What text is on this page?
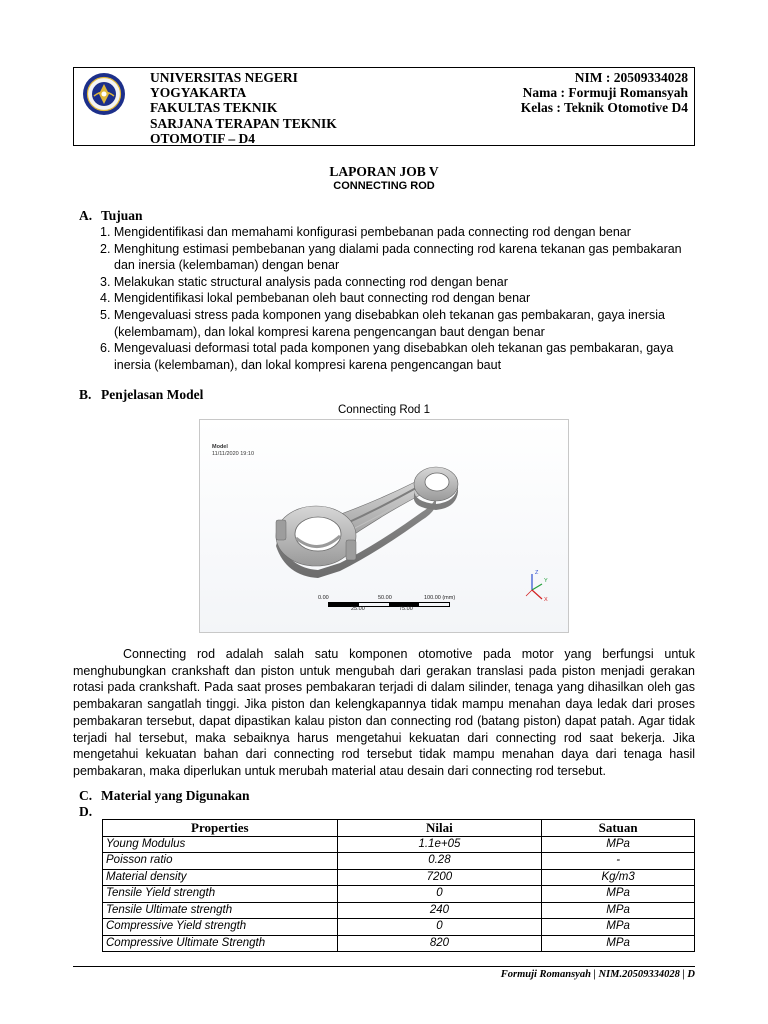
UNIVERSITAS NEGERI
YOGYAKARTA
FAKULTAS TEKNIK
SARJANA TERAPAN TEKNIK
OTOMOTIF – D4
NIM : 20509334028
Nama : Formuji Romansyah
Kelas : Teknik Otomotive D4
LAPORAN JOB V
CONNECTING ROD
A. Tujuan
1. Mengidentifikasi dan memahami konfigurasi pembebanan pada connecting rod dengan benar
2. Menghitung estimasi pembebanan yang dialami pada connecting rod karena tekanan gas pembakaran dan inersia (kelembaman) dengan benar
3. Melakukan static structural analysis pada connecting rod dengan benar
4. Mengidentifikasi lokal pembebanan oleh baut connecting rod dengan benar
5. Mengevaluasi stress pada komponen yang disebabkan oleh tekanan gas pembakaran, gaya inersia (kelembamam), dan lokal kompresi karena pengencangan baut dengan benar
6. Mengevaluasi deformasi total pada komponen yang disebabkan oleh tekanan gas pembakaran, gaya inersia (kelembaman), dan lokal kompresi karena pengencangan baut
B. Penjelasan Model
Connecting Rod 1
Model
11/11/2020 19:10
0.00	50.00	100.00 (mm)
25.00	75.00
Z
Y
X

Connecting rod adalah salah satu komponen otomotive pada motor yang berfungsi untuk menghubungkan crankshaft dan piston untuk mengubah dari gerakan translasi pada piston menjadi gerakan rotasi pada crankshaft. Pada saat proses pembakaran terjadi di dalam silinder, tenaga yang dihasilkan oleh gas pembakaran sangatlah tinggi. Jika piston dan kelengkapannya tidak mampu menahan daya ledak dari proses pembakaran tersebut, dapat dipastikan kalau piston dan connecting rod (batang piston) dapat patah. Agar tidak terjadi hal tersebut, maka sebaiknya harus mengetahui kekuatan dari connecting rod saat bekerja. Jika mengetahui kekuatan bahan dari connecting rod tersebut tidak mampu menahan daya dari tenaga hasil pembakaran, maka diperlukan untuk merubah material atau desain dari connecting rod tersebut.

C. Material yang Digunakan
D.
Properties	Nilai	Satuan
Young Modulus	1.1e+05	MPa
Poisson ratio	0.28	-
Material density	7200	Kg/m3
Tensile Yield strength	0	MPa
Tensile Ultimate strength	240	MPa
Compressive Yield strength	0	MPa
Compressive Ultimate Strength	820	MPa
Formuji Romansyah | NIM.20509334028 | D
